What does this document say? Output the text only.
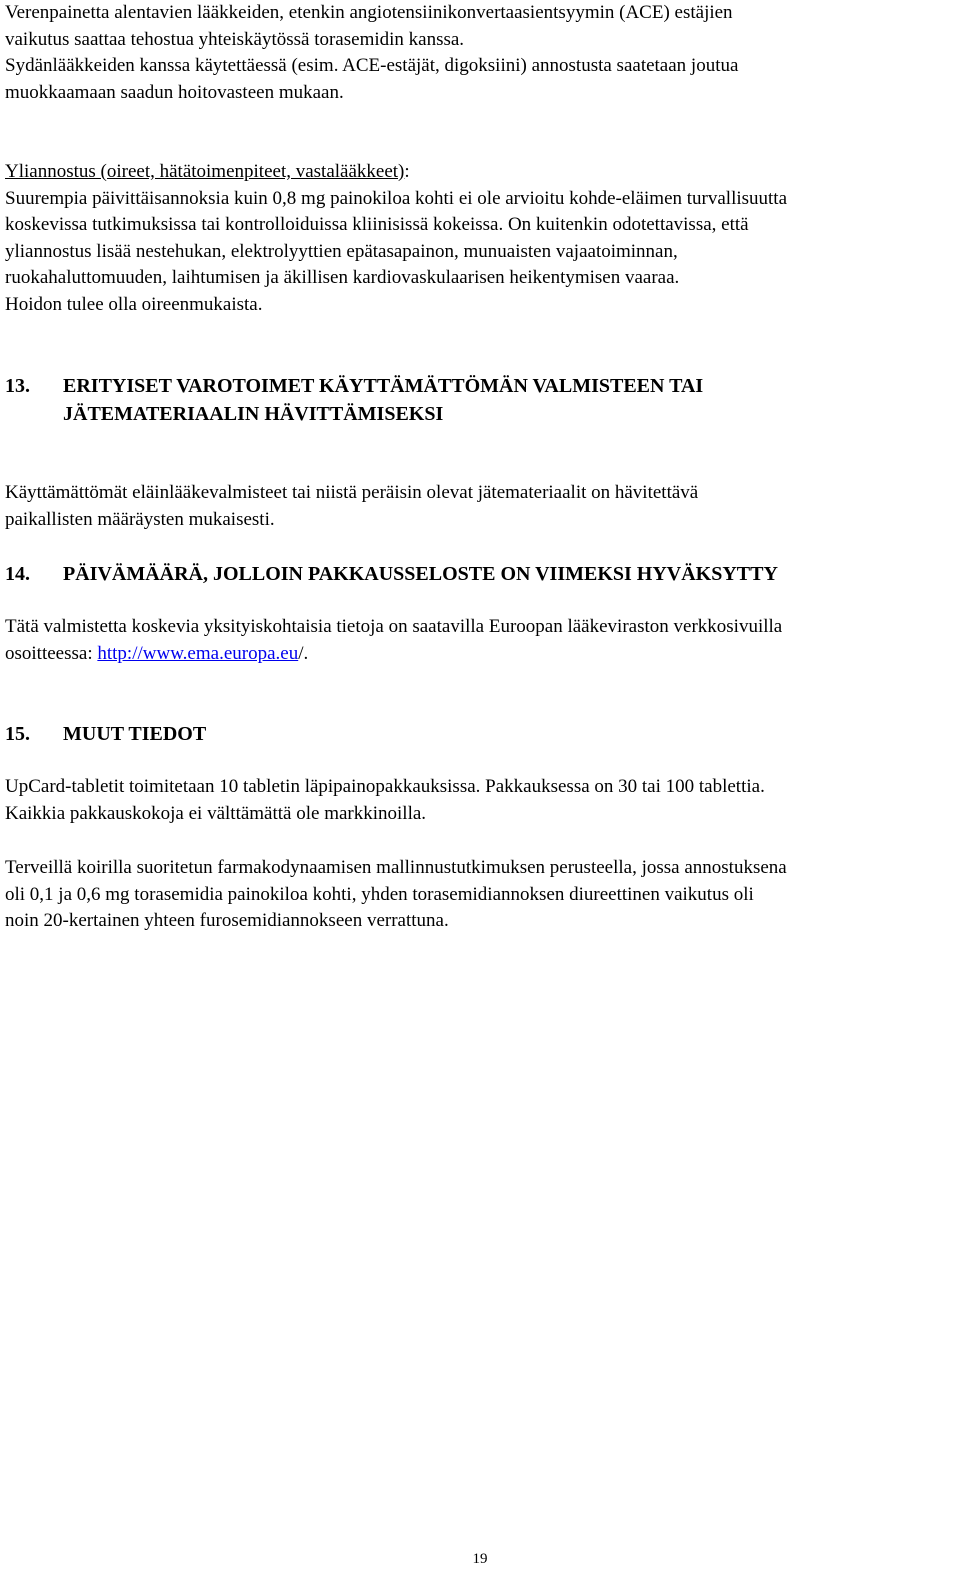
Verenpainetta alentavien lääkkeiden, etenkin angiotensiinikonvertaasientsyymin (ACE) estäjien
vaikutus saattaa tehostua yhteiskäytössä torasemidin kanssa.
Sydänlääkkeiden kanssa käytettäessä (esim. ACE-estäjät, digoksiini) annostusta saatetaan joutua
muokkaamaan saadun hoitovasteen mukaan.

Yliannostus (oireet, hätätoimenpiteet, vastalääkkeet):
Suurempia päivittäisannoksia kuin 0,8 mg painokiloa kohti ei ole arvioitu kohde-eläimen turvallisuutta
koskevissa tutkimuksissa tai kontrolloiduissa kliinisissä kokeissa. On kuitenkin odotettavissa, että
yliannostus lisää nestehukan, elektrolyyttien epätasapainon, munuaisten vajaatoiminnan,
ruokahaluttomuuden, laihtumisen ja äkillisen kardiovaskulaarisen heikentymisen vaaraa.
Hoidon tulee olla oireenmukaista.

13. ERITYISET VAROTOIMET KÄYTTÄMÄTTÖMÄN VALMISTEEN TAI
JÄTEMATERIAALIN HÄVITTÄMISEKSI

Käyttämättömät eläinlääkevalmisteet tai niistä peräisin olevat jätemateriaalit on hävitettävä
paikallisten määräysten mukaisesti.

14. PÄIVÄMÄÄRÄ, JOLLOIN PAKKAUSSELOSTE ON VIIMEKSI HYVÄKSYTTY

Tätä valmistetta koskevia yksityiskohtaisia tietoja on saatavilla Euroopan lääkeviraston verkkosivuilla
osoitteessa: http://www.ema.europa.eu/.

15. MUUT TIEDOT

UpCard-tabletit toimitetaan 10 tabletin läpipainopakkauksissa. Pakkauksessa on 30 tai 100 tablettia.
Kaikkia pakkauskokoja ei välttämättä ole markkinoilla.

Terveillä koirilla suoritetun farmakodynaamisen mallinnustutkimuksen perusteella, jossa annostuksena
oli 0,1 ja 0,6 mg torasemidia painokiloa kohti, yhden torasemidiannoksen diureettinen vaikutus oli
noin 20-kertainen yhteen furosemidiannokseen verrattuna.

19
